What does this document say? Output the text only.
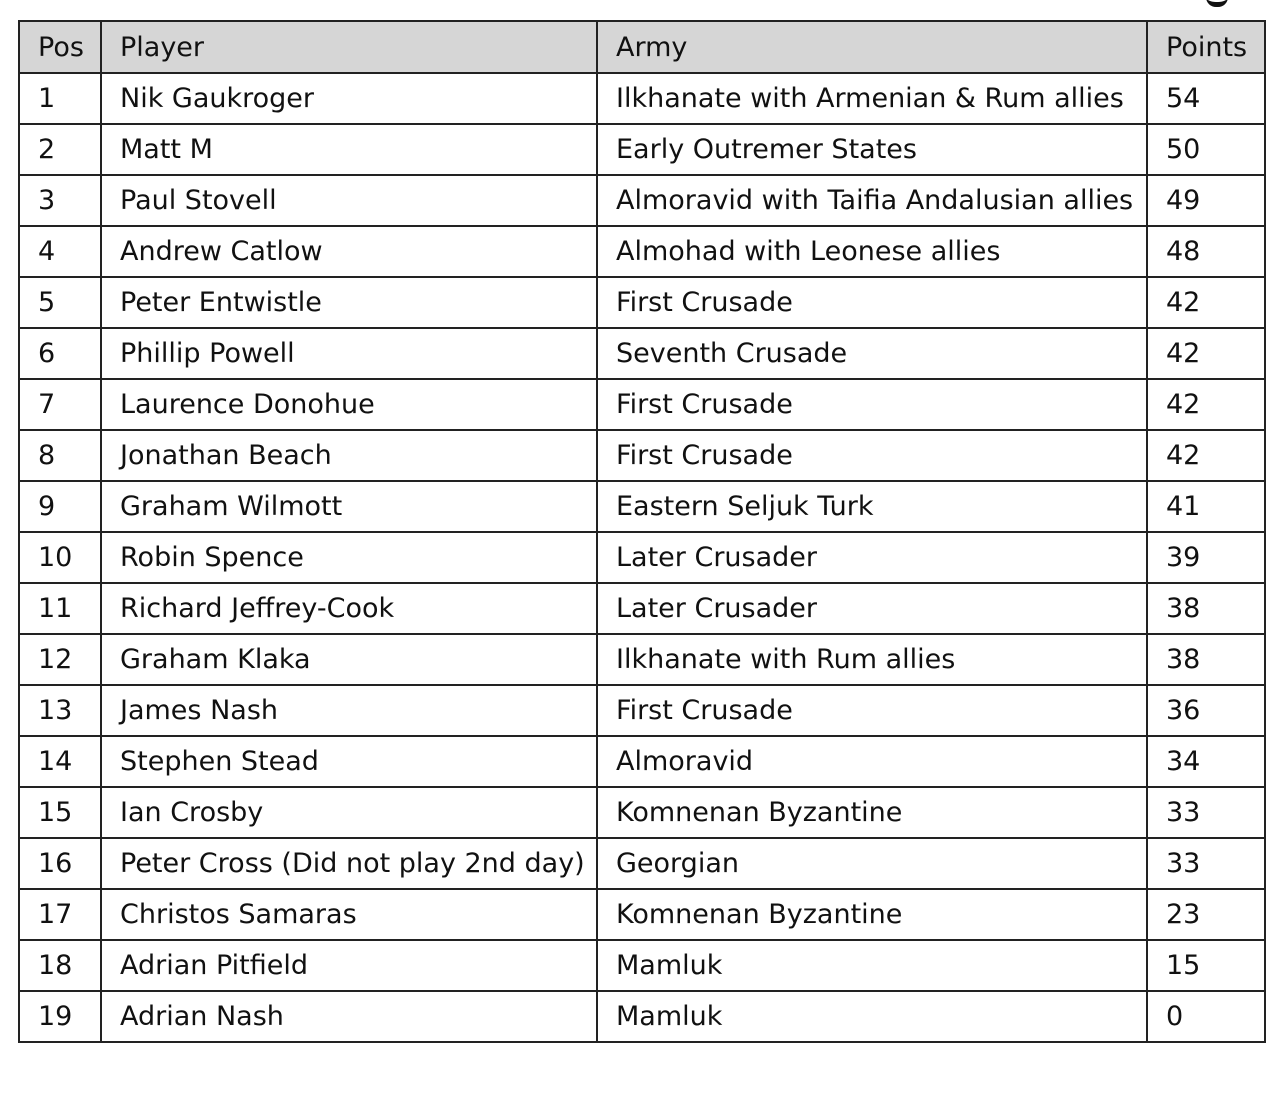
Pos	Player	Army	Points
1	Nik Gaukroger	Ilkhanate with Armenian & Rum allies	54
2	Matt M	Early Outremer States	50
3	Paul Stovell	Almoravid with Taifia Andalusian allies	49
4	Andrew Catlow	Almohad with Leonese allies	48
5	Peter Entwistle	First Crusade	42
6	Phillip Powell	Seventh Crusade	42
7	Laurence Donohue	First Crusade	42
8	Jonathan Beach	First Crusade	42
9	Graham Wilmott	Eastern Seljuk Turk	41
10	Robin Spence	Later Crusader	39
11	Richard Jeffrey-Cook	Later Crusader	38
12	Graham Klaka	Ilkhanate with Rum allies	38
13	James Nash	First Crusade	36
14	Stephen Stead	Almoravid	34
15	Ian Crosby	Komnenan Byzantine	33
16	Peter Cross (Did not play 2nd day)	Georgian	33
17	Christos Samaras	Komnenan Byzantine	23
18	Adrian Pitfield	Mamluk	15
19	Adrian Nash	Mamluk	0
